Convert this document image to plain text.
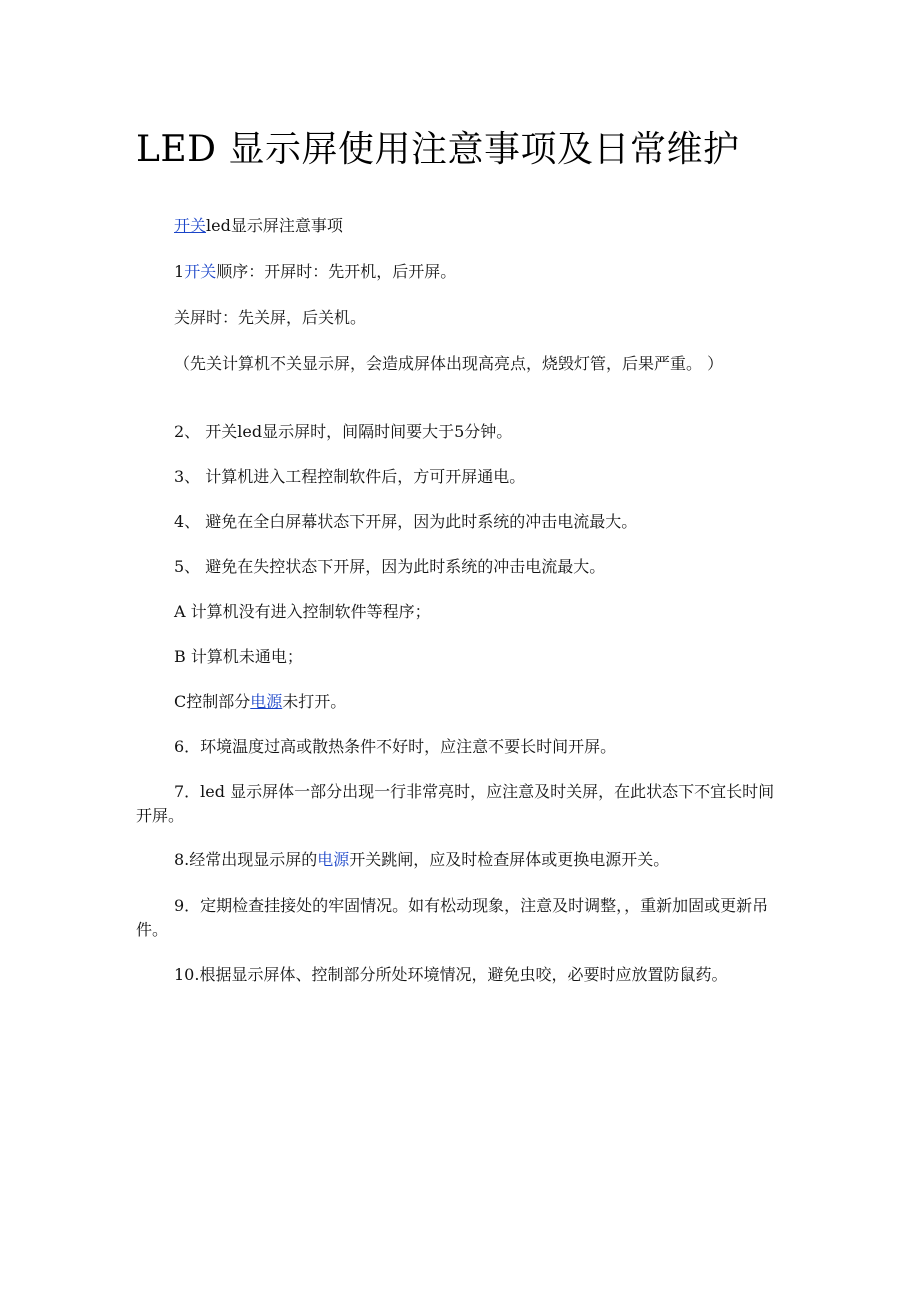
LED 显示屏使用注意事项及日常维护

开关led显示屏注意事项

1开关顺序：开屏时：先开机，后开屏。

关屏时：先关屏，后关机。

（先关计算机不关显示屏，会造成屏体出现高亮点，烧毁灯管，后果严重。 ）

2、 开关led显示屏时，间隔时间要大于5分钟。

3、 计算机进入工程控制软件后，方可开屏通电。

4、 避免在全白屏幕状态下开屏，因为此时系统的冲击电流最大。

5、 避免在失控状态下开屏，因为此时系统的冲击电流最大。

A 计算机没有进入控制软件等程序；

B 计算机未通电；

C控制部分电源未打开。

6．环境温度过高或散热条件不好时，应注意不要长时间开屏。

7．led 显示屏体一部分出现一行非常亮时，应注意及时关屏，在此状态下不宜长时间开屏。

8.经常出现显示屏的电源开关跳闸，应及时检查屏体或更换电源开关。

9．定期检查挂接处的牢固情况。如有松动现象，注意及时调整，，重新加固或更新吊件。

10.根据显示屏体、控制部分所处环境情况，避免虫咬，必要时应放置防鼠药。
